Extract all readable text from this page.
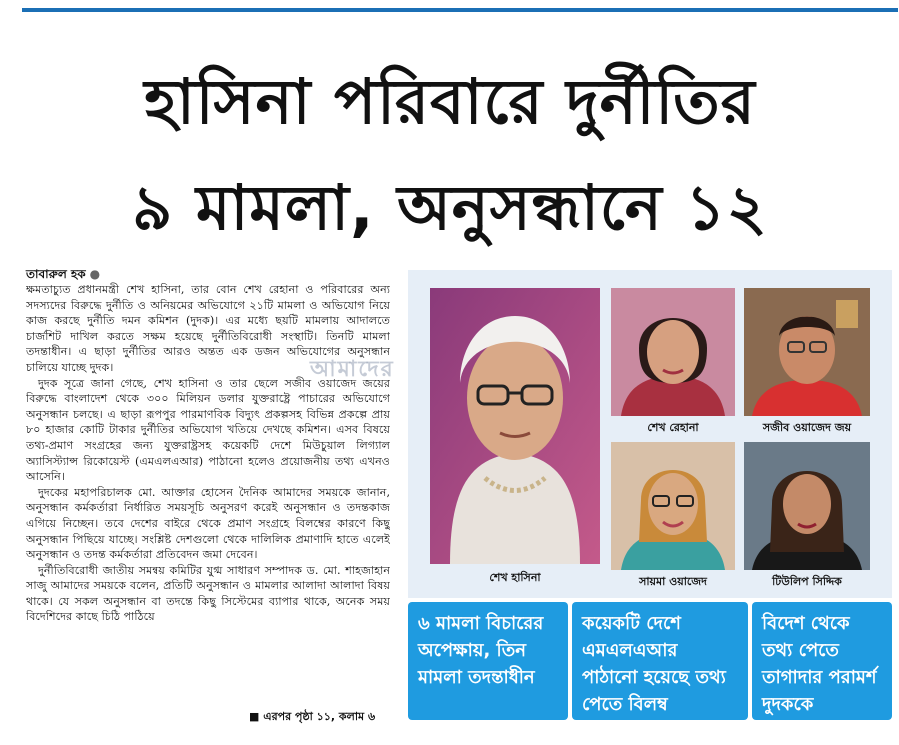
হাসিনা পরিবারে দুর্নীতির
৯ মামলা, অনুসন্ধানে ১২
তাবারুল হক ●

ক্ষমতাচ্যুত প্রধানমন্ত্রী শেখ হাসিনা, তার বোন শেখ রেহানা ও পরিবারের অন্য সদস্যদের বিরুদ্ধে দুর্নীতি ও অনিয়মের অভিযোগে ২১টি মামলা ও অভিযোগ নিয়ে কাজ করছে দুর্নীতি দমন কমিশন (দুদক)। এর মধ্যে ছয়টি মামলায় আদালতে চার্জশিট দাখিল করতে সক্ষম হয়েছে দুর্নীতিবিরোধী সংস্থাটি। তিনটি মামলা তদন্তাধীন। এ ছাড়া দুর্নীতির আরও অন্তত এক ডজন অভিযোগের অনুসন্ধান চালিয়ে যাচ্ছে দুদক।

দুদক সূত্রে জানা গেছে, শেখ হাসিনা ও তার ছেলে সজীব ওয়াজেদ জয়ের বিরুদ্ধে বাংলাদেশ থেকে ৩০০ মিলিয়ন ডলার যুক্তরাষ্ট্রে পাচারের অভিযোগে অনুসন্ধান চলছে। এ ছাড়া রূপপুর পারমাণবিক বিদ্যুৎ প্রকল্পসহ বিভিন্ন প্রকল্পে প্রায় ৮০ হাজার কোটি টাকার দুর্নীতির অভিযোগ খতিয়ে দেখছে কমিশন। এসব বিষয়ে তথ্য-প্রমাণ সংগ্রহের জন্য যুক্তরাষ্ট্রসহ কয়েকটি দেশে মিউচুয়াল লিগ্যাল অ্যাসিস্ট্যান্স রিকোয়েস্ট (এমএলএআর) পাঠানো হলেও প্রয়োজনীয় তথ্য এখনও আসেনি।

দুদকের মহাপরিচালক মো. আক্তার হোসেন দৈনিক আমাদের সময়কে জানান, অনুসন্ধান কর্মকর্তারা নির্ধারিত সময়সূচি অনুসরণ করেই অনুসন্ধান ও তদন্তকাজ এগিয়ে নিচ্ছেন। তবে দেশের বাইরে থেকে প্রমাণ সংগ্রহে বিলম্বের কারণে কিছু অনুসন্ধান পিছিয়ে যাচ্ছে। সংশ্লিষ্ট দেশগুলো থেকে দালিলিক প্রমাণাদি হাতে এলেই অনুসন্ধান ও তদন্ত কর্মকর্তারা প্রতিবেদন জমা দেবেন।

দুর্নীতিবিরোধী জাতীয় সমন্বয় কমিটির যুগ্ম সাধারণ সম্পাদক ড. মো. শাহজাহান সাজু আমাদের সময়কে বলেন, প্রতিটি অনুসন্ধান ও মামলার আলাদা আলাদা বিষয় থাকে। যে সকল অনুসন্ধান বা তদন্তে কিছু সিস্টেমের ব্যাপার থাকে, অনেক সময় বিদেশিদের কাছে চিঠি পাঠিয়ে

■ এরপর পৃষ্ঠা ১১, কলাম ৬
শেখ হাসিনা
শেখ রেহানা	সজীব ওয়াজেদ জয়
সায়মা ওয়াজেদ	টিউলিপ সিদ্দিক
আমাদের
৬ মামলা বিচারের অপেক্ষায়, তিন মামলা তদন্তাধীন
কয়েকটি দেশে এমএলএআর পাঠানো হয়েছে তথ্য পেতে বিলম্ব
বিদেশ থেকে তথ্য পেতে তাগাদার পরামর্শ দুদককে
